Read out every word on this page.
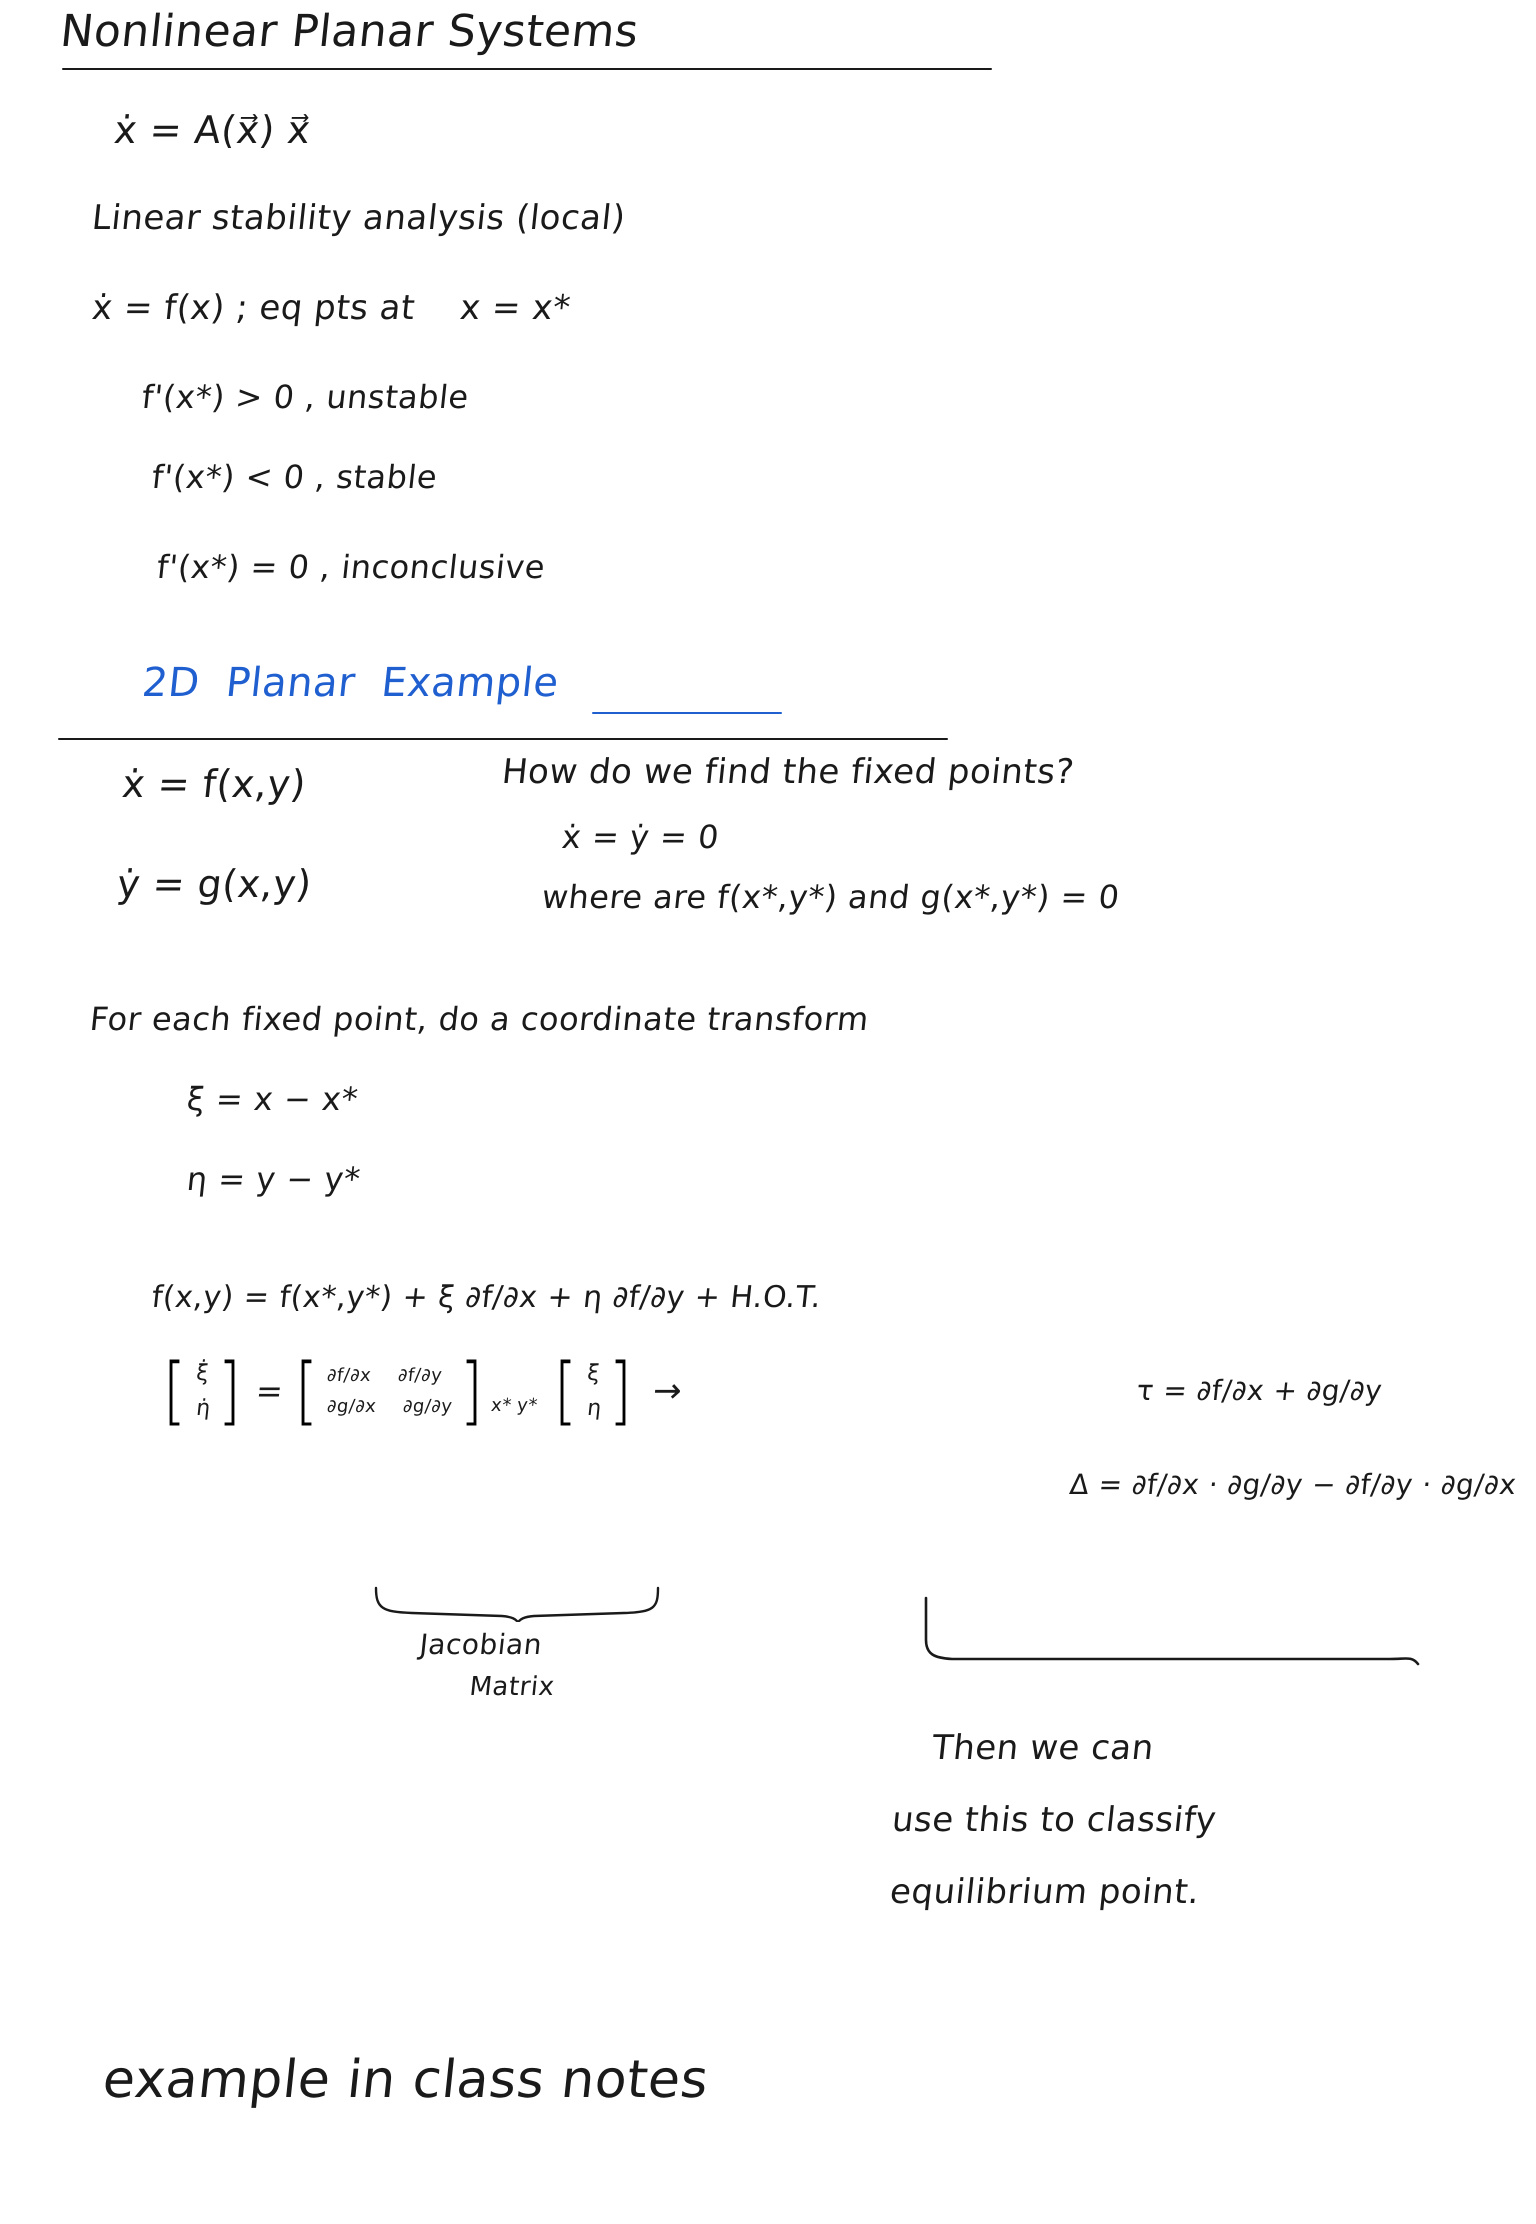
Nonlinear Planar Systems
ẋ = A(x⃗) x⃗
Linear stability analysis (local)
ẋ = f(x) ; eq pts at    x = x*
f'(x*) > 0 , unstable
f'(x*) < 0 , stable
f'(x*) = 0 , inconclusive
2D  Planar  Example
ẋ = f(x,y)
ẏ = g(x,y)
How do we find the fixed points?
ẋ = ẏ = 0
where are f(x*,y*) and g(x*,y*) = 0
For each fixed point, do a coordinate transform
ξ = x − x*
η = y − y*
f(x,y) = f(x*,y*) + ξ ∂f/∂x + η ∂f/∂y + H.O.T.
[ ξ̇
η̇ ] = [ ∂f/∂x ∂f/∂y
∂g/∂x ∂g/∂y ] x* y* [ ξ
η ] →	τ = ∂f/∂x + ∂g/∂y
Δ = ∂f/∂x · ∂g/∂y − ∂f/∂y · ∂g/∂x
Jacobian
Matrix
Then we can
use this to classify
equilibrium point.
example in class notes
